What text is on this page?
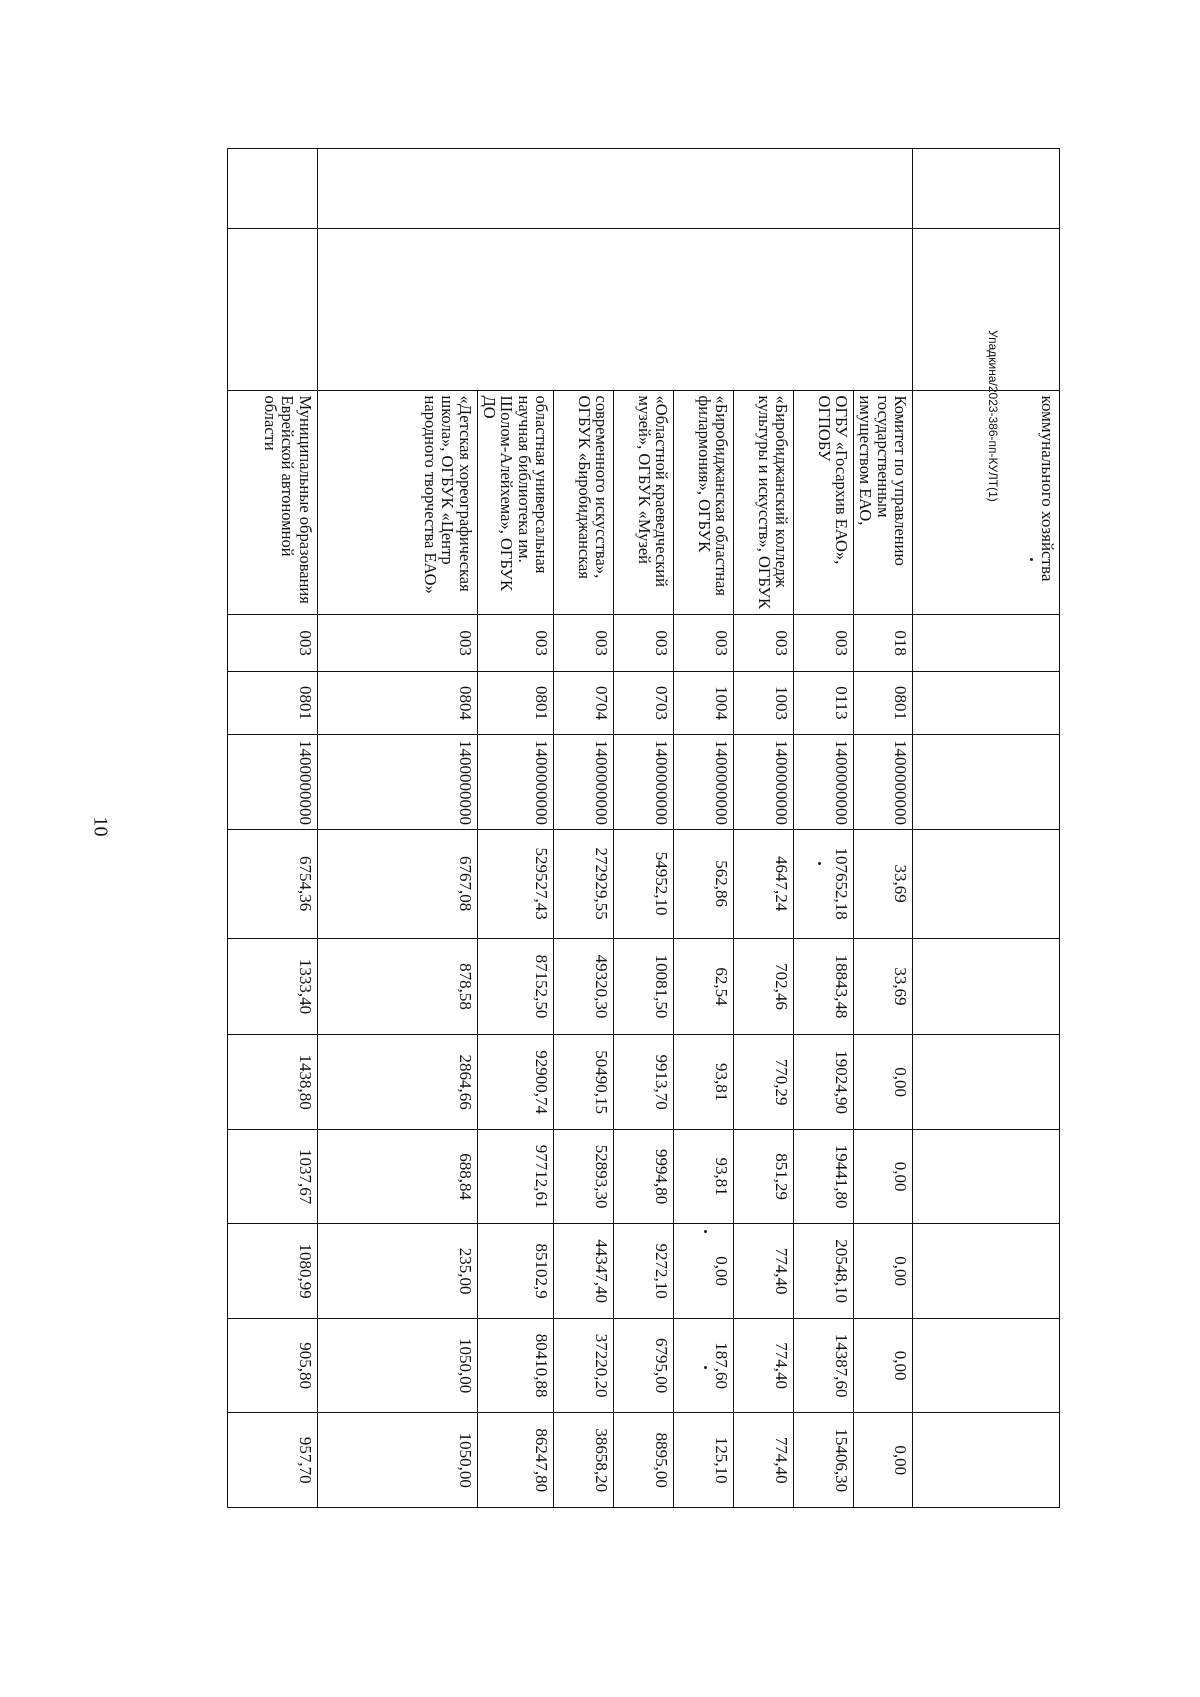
10
Упадкина/2023-386-пп-КУЛТ(1)
		коммунального хозяйства										
		Комитет по управлению государственным имуществом ЕАО,	018	0801	1400000000	33,69	33,69	0,00	0,00	0,00	0,00	0,00
		ОГБУ «Госархив ЕАО», ОГПОБУ	003	0113	1400000000	107652,18	18843,48	19024,90	19441,80	20548,10	14387,60	15406,30
		«Биробиджанский колледж культуры и искусств», ОГБУК	003	1003	1400000000	4647,24	702,46	770,29	851,29	774,40	774,40	774,40
		«Биробиджанская областная филармония», ОГБУК	003	1004	1400000000	562,86	62,54	93,81	93,81	0,00	187,60	125,10
		«Областной краеведческий музей», ОГБУК «Музей	003	0703	1400000000	54952,10	10081,50	9913,70	9994,80	9272,10	6795,00	8895,00
		современного искусства», ОГБУК «Биробиджанская	003	0704	1400000000	272929,55	49320,30	50490,15	52893,30	44347,40	37220,20	38658,20
		областная универсальная научная библиотека им. Шолом-Алейхема», ОГБУК ДО	003	0801	1400000000	529527,43	87152,50	92900,74	97712,61	85102,9	80410,88	86247,80
		«Детская хореографическая школа», ОГБУК «Центр народного творчества ЕАО»	003	0804	1400000000	6767,08	878,58	2864,66	688,84	235,00	1050,00	1050,00
		Муниципальные образования Еврейской автономной области	003	0801	1400000000	6754,36	1333,40	1438,80	1037,67	1080,99	905,80	957,70
